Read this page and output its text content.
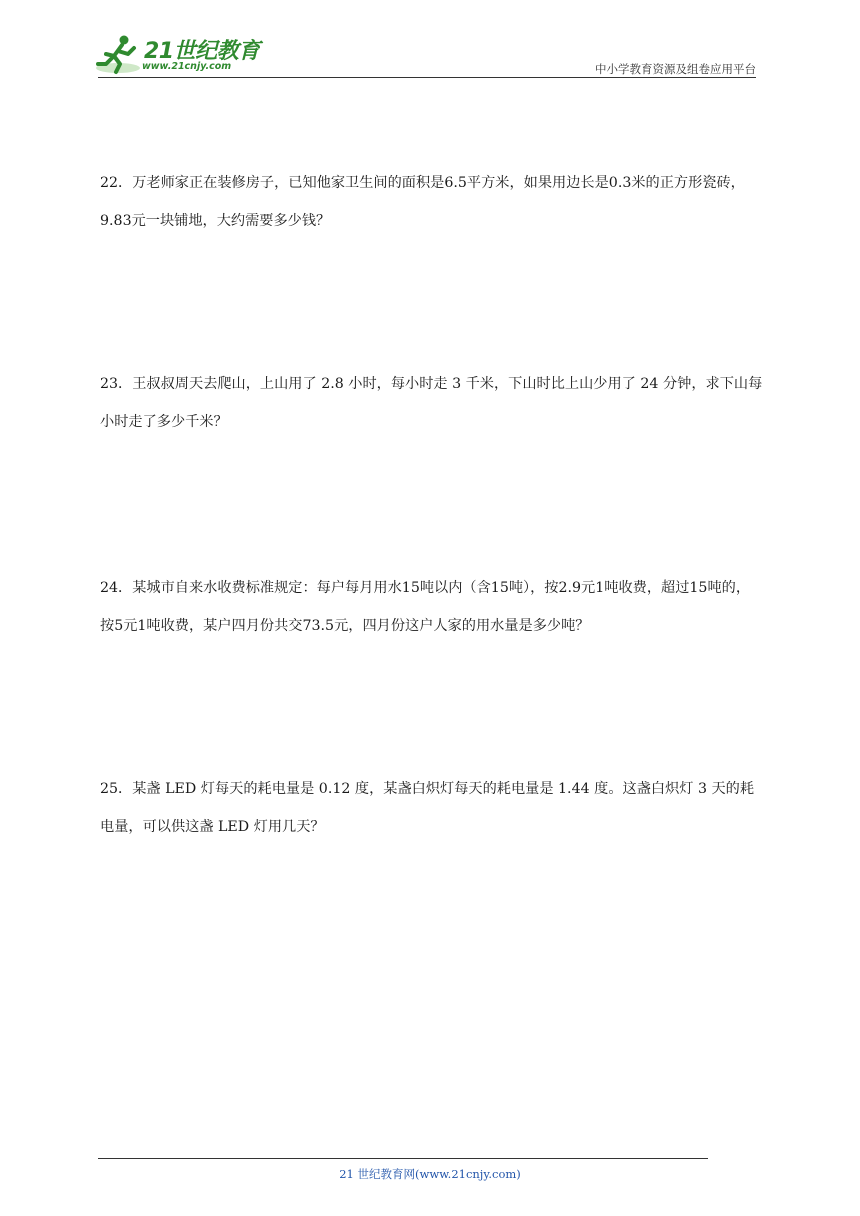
21世纪教育
www.21cnjy.com	中小学教育资源及组卷应用平台
22．万老师家正在装修房子，已知他家卫生间的面积是6.5平方米，如果用边长是0.3米的正方形瓷砖，9.83元一块铺地，大约需要多少钱？
23．王叔叔周天去爬山，上山用了 2.8 小时，每小时走 3 千米，下山时比上山少用了 24 分钟，求下山每小时走了多少千米？
24．某城市自来水收费标准规定：每户每月用水15吨以内（含15吨），按2.9元1吨收费，超过15吨的，按5元1吨收费，某户四月份共交73.5元，四月份这户人家的用水量是多少吨？
25．某盏 LED 灯每天的耗电量是 0.12 度，某盏白炽灯每天的耗电量是 1.44 度。这盏白炽灯 3 天的耗电量，可以供这盏 LED 灯用几天？
21 世纪教育网(www.21cnjy.com)
